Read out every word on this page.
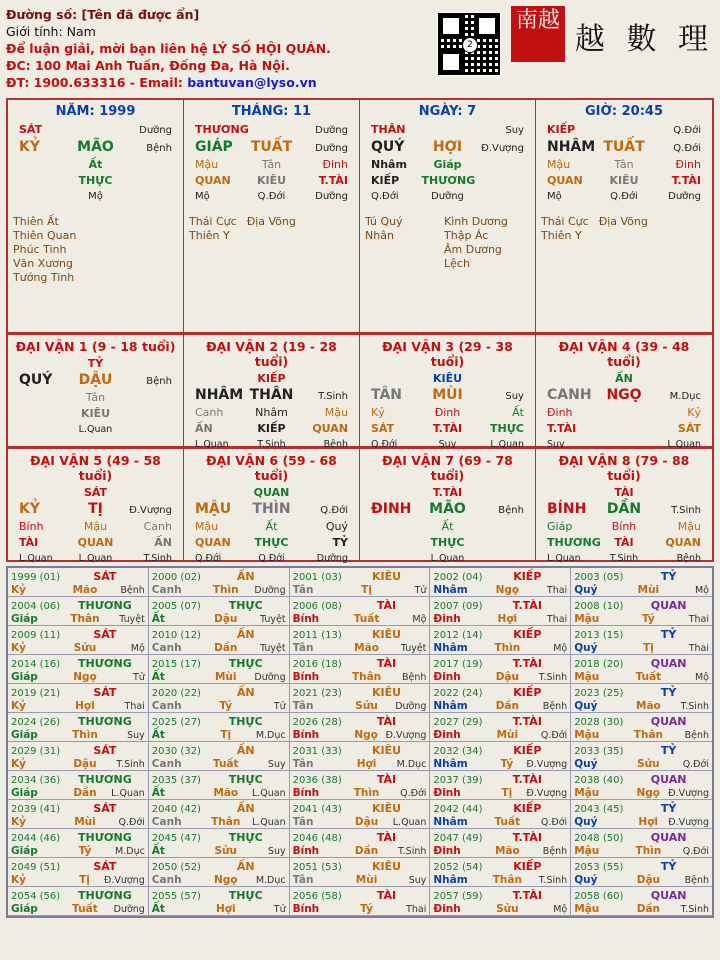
Đường số: [Tên đã được ẩn]
Giới tính: Nam
Để luận giải, mời bạn liên hệ LÝ SỐ HỘI QUÁN.
ĐC: 100 Mai Anh Tuấn, Đống Đa, Hà Nội.
ĐT: 1900.633316 - Email: bantuvan@lyso.vn
2
南越
越 數 理
NĂM: 1999
SÁT	Dưỡng
KỶ	MÃO	Bệnh
Ất
THỰC
Mộ
Thiên Ất
Thiên Quan
Phúc Tinh
Văn Xương
Tướng Tinh
THÁNG: 11
THƯƠNG	Dưỡng
GIÁP	TUẤT	Dưỡng
Mậu	Tân	Đinh
QUAN	KIÊU	T.TÀI
Mộ	Q.Đới	Dưỡng
Thái Cực
Thiên Y
Địa Võng
NGÀY: 7
THÂN	Suy
QUÝ	HỢI	Đ.Vượng
Nhâm	Giáp
KIẾP	THƯƠNG
Q.Đới	Dưỡng
Tú Quý Nhân
Kình Dương
Thập Ác
Âm Dương Lệch
GIỜ: 20:45
KIẾP	Q.Đới
NHÂM TUẤT	Q.Đới
Mậu	Tân	Đinh
QUAN	KIÊU	T.TÀI
Mộ	Q.Đới	Dưỡng
Thái Cực
Thiên Y
Địa Võng
ĐẠI VẬN 1 (9 - 18 tuổi)
TỶ
QUÝ	DẬU	Bệnh
Tân
KIÊU
L.Quan
ĐẠI VẬN 2 (19 - 28 tuổi)
KIẾP
NHÂM THÂN	T.Sinh
Canh	Nhâm	Mậu
ẤN	KIẾP	QUAN
L.Quan	T.Sinh	Bệnh
ĐẠI VẬN 3 (29 - 38 tuổi)
KIÊU
TÂN	MÙI	Suy
Kỷ	Đinh	Ất
SÁT	T.TÀI	THỰC
Q.Đới	Suy	L.Quan
ĐẠI VẬN 4 (39 - 48 tuổi)
ẤN
CANH	NGỌ	M.Dục
Đinh	Kỷ
T.TÀI	SÁT
Suy	L.Quan
ĐẠI VẬN 5 (49 - 58 tuổi)
SÁT
KỶ	TỊ	Đ.Vượng
Bính	Mậu	Canh
TÀI	QUAN	ẤN
L.Quan	L.Quan	T.Sinh
ĐẠI VẬN 6 (59 - 68 tuổi)
QUAN
MẬU	THÌN	Q.Đới
Mậu	Ất	Quý
QUAN	THỰC	TỶ
Q.Đới	Q.Đới	Dưỡng
ĐẠI VẬN 7 (69 - 78 tuổi)
T.TÀI
ĐINH	MÃO	Bệnh
Ất
THỰC
L.Quan
ĐẠI VẬN 8 (79 - 88 tuổi)
TÀI
BÍNH	DẦN	T.Sinh
Giáp	Bính	Mậu
THƯƠNG	TÀI	QUAN
L.Quan	T.Sinh	Bệnh
1999 (01)	SÁT
Kỷ	Mão	Bệnh
2000 (02)	ẤN
Canh	Thìn	Dưỡng
2001 (03)	KIÊU
Tân	Tị	Tử
2002 (04)	KIẾP
Nhâm	Ngọ	Thai
2003 (05)	TỶ
Quý	Mùi	Mộ
2004 (06)	THƯƠNG
Giáp	Thân	Tuyệt
2005 (07)	THỰC
Ất	Dậu	Tuyệt
2006 (08)	TÀI
Bính	Tuất	Mộ
2007 (09)	T.TÀI
Đinh	Hợi	Thai
2008 (10)	QUAN
Mậu	Tý	Thai
2009 (11)	SÁT
Kỷ	Sửu	Mộ
2010 (12)	ẤN
Canh	Dần	Tuyệt
2011 (13)	KIÊU
Tân	Mão	Tuyệt
2012 (14)	KIẾP
Nhâm	Thìn	Mộ
2013 (15)	TỶ
Quý	Tị	Thai
2014 (16)	THƯƠNG
Giáp	Ngọ	Tử
2015 (17)	THỰC
Ất	Mùi	Dưỡng
2016 (18)	TÀI
Bính	Thân	Bệnh
2017 (19)	T.TÀI
Đinh	Dậu	T.Sinh
2018 (20)	QUAN
Mậu	Tuất	Mộ
2019 (21)	SÁT
Kỷ	Hợi	Thai
2020 (22)	ẤN
Canh	Tý	Tử
2021 (23)	KIÊU
Tân	Sửu	Dưỡng
2022 (24)	KIẾP
Nhâm	Dần	Bệnh
2023 (25)	TỶ
Quý	Mão	T.Sinh
2024 (26)	THƯƠNG
Giáp	Thìn	Suy
2025 (27)	THỰC
Ất	Tị	M.Dục
2026 (28)	TÀI
Bính	Ngọ Đ.Vượng
2027 (29)	T.TÀI
Đinh	Mùi	Q.Đới
2028 (30)	QUAN
Mậu	Thân	Bệnh
2029 (31)	SÁT
Kỷ	Dậu	T.Sinh
2030 (32)	ẤN
Canh	Tuất	Suy
2031 (33)	KIÊU
Tân	Hợi	M.Dục
2032 (34)	KIẾP
Nhâm	Tý	Đ.Vượng
2033 (35)	TỶ
Quý	Sửu	Q.Đới
2034 (36)	THƯƠNG
Giáp	Dần	L.Quan
2035 (37)	THỰC
Ất	Mão	L.Quan
2036 (38)	TÀI
Bính	Thìn	Q.Đới
2037 (39)	T.TÀI
Đinh	Tị	Đ.Vượng
2038 (40)	QUAN
Mậu	Ngọ Đ.Vượng
2039 (41)	SÁT
Kỷ	Mùi	Q.Đới
2040 (42)	ẤN
Canh	Thân	L.Quan
2041 (43)	KIÊU
Tân	Dậu	L.Quan
2042 (44)	KIẾP
Nhâm	Tuất	Q.Đới
2043 (45)	TỶ
Quý	Hợi	Đ.Vượng
2044 (46)	THƯƠNG
Giáp	Tý	M.Dục
2045 (47)	THỰC
Ất	Sửu	Suy
2046 (48)	TÀI
Bính	Dần	T.Sinh
2047 (49)	T.TÀI
Đinh	Mão	Bệnh
2048 (50)	QUAN
Mậu	Thìn	Q.Đới
2049 (51)	SÁT
Kỷ	Tị	Đ.Vượng
2050 (52)	ẤN
Canh	Ngọ	M.Dục
2051 (53)	KIÊU
Tân	Mùi	Suy
2052 (54)	KIẾP
Nhâm	Thân	T.Sinh
2053 (55)	TỶ
Quý	Dậu	Bệnh
2054 (56)	THƯƠNG
Giáp	Tuất	Dưỡng
2055 (57)	THỰC
Ất	Hợi	Tử
2056 (58)	TÀI
Bính	Tý	Thai
2057 (59)	T.TÀI
Đinh	Sửu	Mộ
2058 (60)	QUAN
Mậu	Dần	T.Sinh
